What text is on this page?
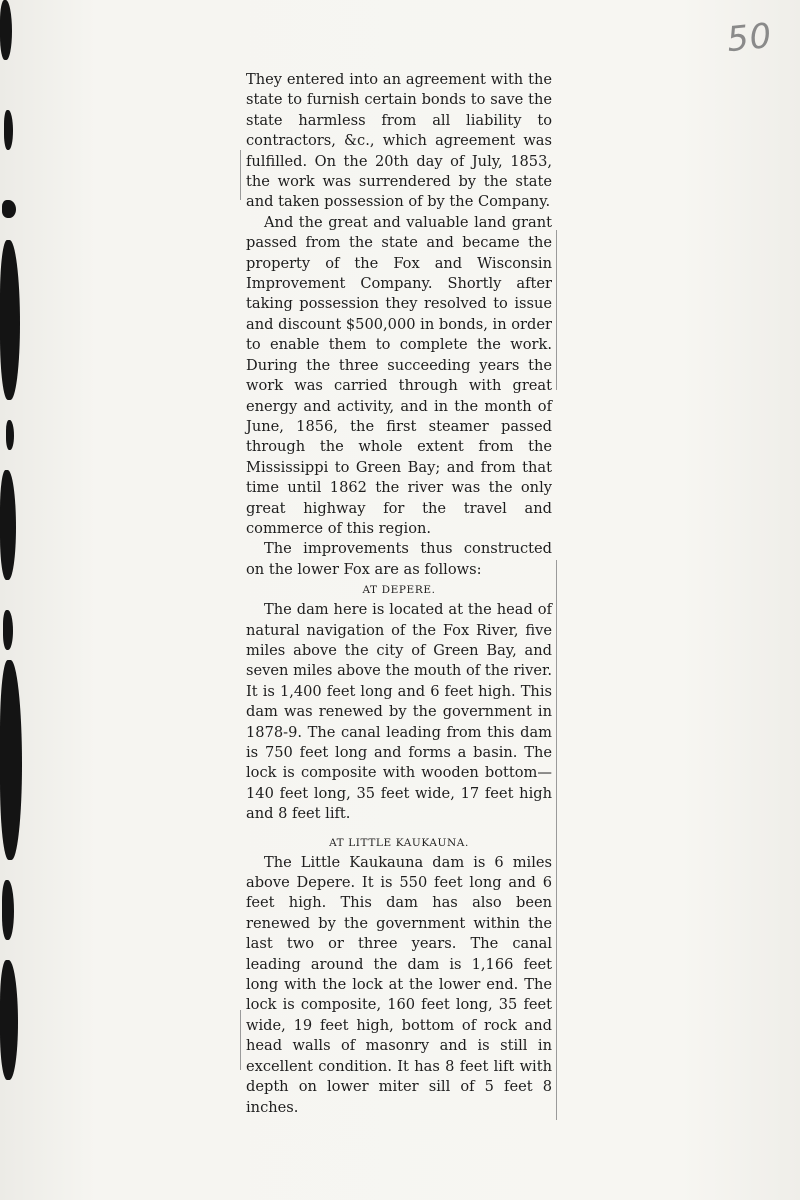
50

They entered into an agreement with the state to furnish certain bonds to save the state harmless from all liability to contractors, &c., which agreement was fulfilled. On the 20th day of July, 1853, the work was surrendered by the state and taken possession of by the Company.

And the great and valuable land grant passed from the state and became the property of the Fox and Wisconsin Improvement Company. Shortly after taking possession they resolved to issue and discount $500,000 in bonds, in order to enable them to complete the work. During the three succeeding years the work was carried through with great energy and activity, and in the month of June, 1856, the first steamer passed through the whole extent from the Mississippi to Green Bay; and from that time until 1862 the river was the only great highway for the travel and commerce of this region.

The improvements thus constructed on the lower Fox are as follows:

AT DEPERE.

The dam here is located at the head of natural navigation of the Fox River, five miles above the city of Green Bay, and seven miles above the mouth of the river. It is 1,400 feet long and 6 feet high. This dam was renewed by the government in 1878-9. The canal leading from this dam is 750 feet long and forms a basin. The lock is composite with wooden bottom—140 feet long, 35 feet wide, 17 feet high and 8 feet lift.

AT LITTLE KAUKAUNA.

The Little Kaukauna dam is 6 miles above Depere. It is 550 feet long and 6 feet high. This dam has also been renewed by the government within the last two or three years. The canal leading around the dam is 1,166 feet long with the lock at the lower end. The lock is composite, 160 feet long, 35 feet wide, 19 feet high, bottom of rock and head walls of masonry and is still in excellent condition. It has 8 feet lift with depth on lower miter sill of 5 feet 8 inches.
